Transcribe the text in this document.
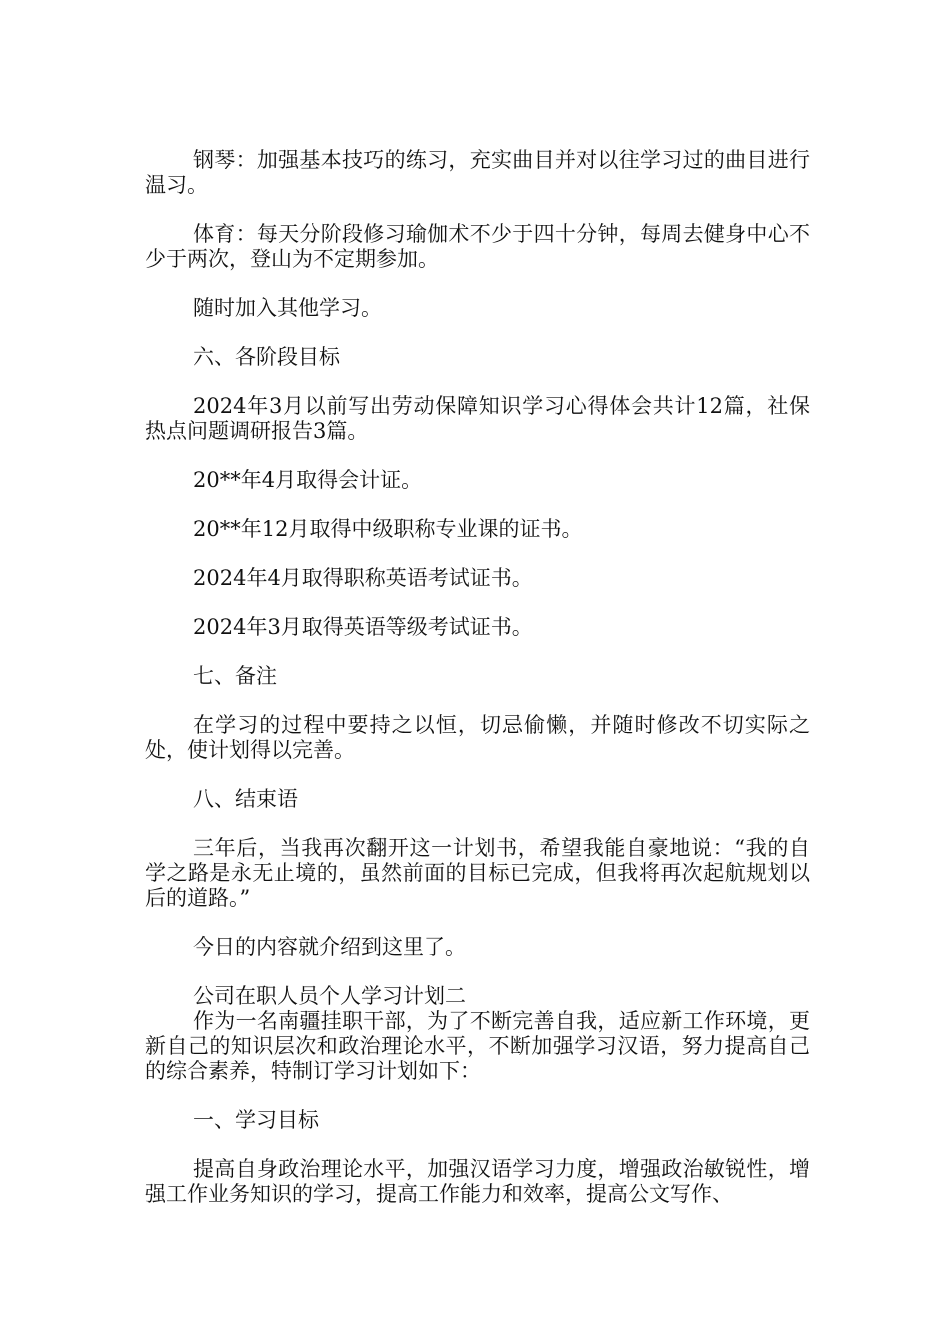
钢琴：加强基本技巧的练习，充实曲目并对以往学习过的曲目进行温习。

体育：每天分阶段修习瑜伽术不少于四十分钟，每周去健身中心不少于两次，登山为不定期参加。

随时加入其他学习。

六、各阶段目标

2024年3月以前写出劳动保障知识学习心得体会共计12篇，社保热点问题调研报告3篇。

20**年4月取得会计证。

20**年12月取得中级职称专业课的证书。

2024年4月取得职称英语考试证书。

2024年3月取得英语等级考试证书。

七、备注

在学习的过程中要持之以恒，切忌偷懒，并随时修改不切实际之处，使计划得以完善。

八、结束语

三年后，当我再次翻开这一计划书，希望我能自豪地说：“我的自学之路是永无止境的，虽然前面的目标已完成，但我将再次起航规划以后的道路。”

今日的内容就介绍到这里了。

公司在职人员个人学习计划二

作为一名南疆挂职干部，为了不断完善自我，适应新工作环境，更新自己的知识层次和政治理论水平，不断加强学习汉语，努力提高自己的综合素养，特制订学习计划如下：

一、学习目标

提高自身政治理论水平，加强汉语学习力度，增强政治敏锐性，增强工作业务知识的学习，提高工作能力和效率，提高公文写作、
